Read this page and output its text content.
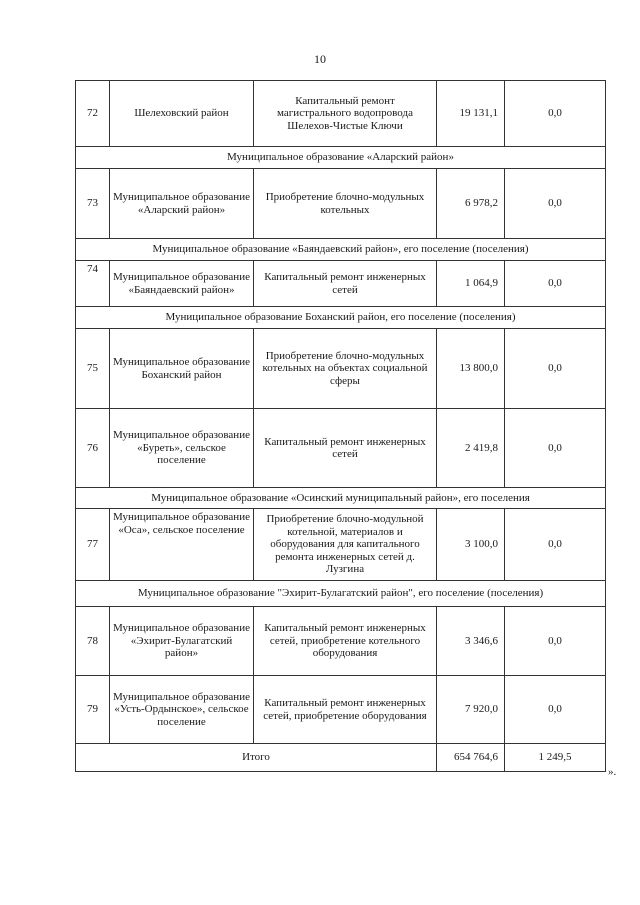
10
72	Шелеховский район	Капитальный ремонт магистрального водопровода Шелехов-Чистые Ключи	19 131,1	0,0
Муниципальное образование «Аларский район»				
73	Муниципальное образование «Аларский район»	Приобретение блочно-модульных котельных	6 978,2	0,0
Муниципальное образование «Баяндаевский район», его поселение (поселения)				
74	Муниципальное образование «Баяндаевский район»	Капитальный ремонт инженерных сетей	1 064,9	0,0
Муниципальное образование Боханский район, его поселение (поселения)				
75	Муниципальное образование Боханский район	Приобретение блочно-модульных котельных на объектах социальной сферы	13 800,0	0,0
76	Муниципальное образование «Буреть», сельское поселение	Капитальный ремонт инженерных сетей	2 419,8	0,0
Муниципальное образование «Осинский муниципальный район», его поселения				
77	Муниципальное образование «Оса», сельское поселение	Приобретение блочно-модульной котельной, материалов и оборудования для капитального ремонта инженерных сетей д. Лузгина	3 100,0	0,0
Муниципальное образование "Эхирит-Булагатский район", его поселение (поселения)				
78	Муниципальное образование «Эхирит-Булагатский район»	Капитальный ремонт инженерных сетей, приобретение котельного оборудования	3 346,6	0,0
79	Муниципальное образование «Усть-Ордынское», сельское поселение	Капитальный ремонт инженерных сетей, приобретение оборудования	7 920,0	0,0
Итого			654 764,6	1 249,5
».
